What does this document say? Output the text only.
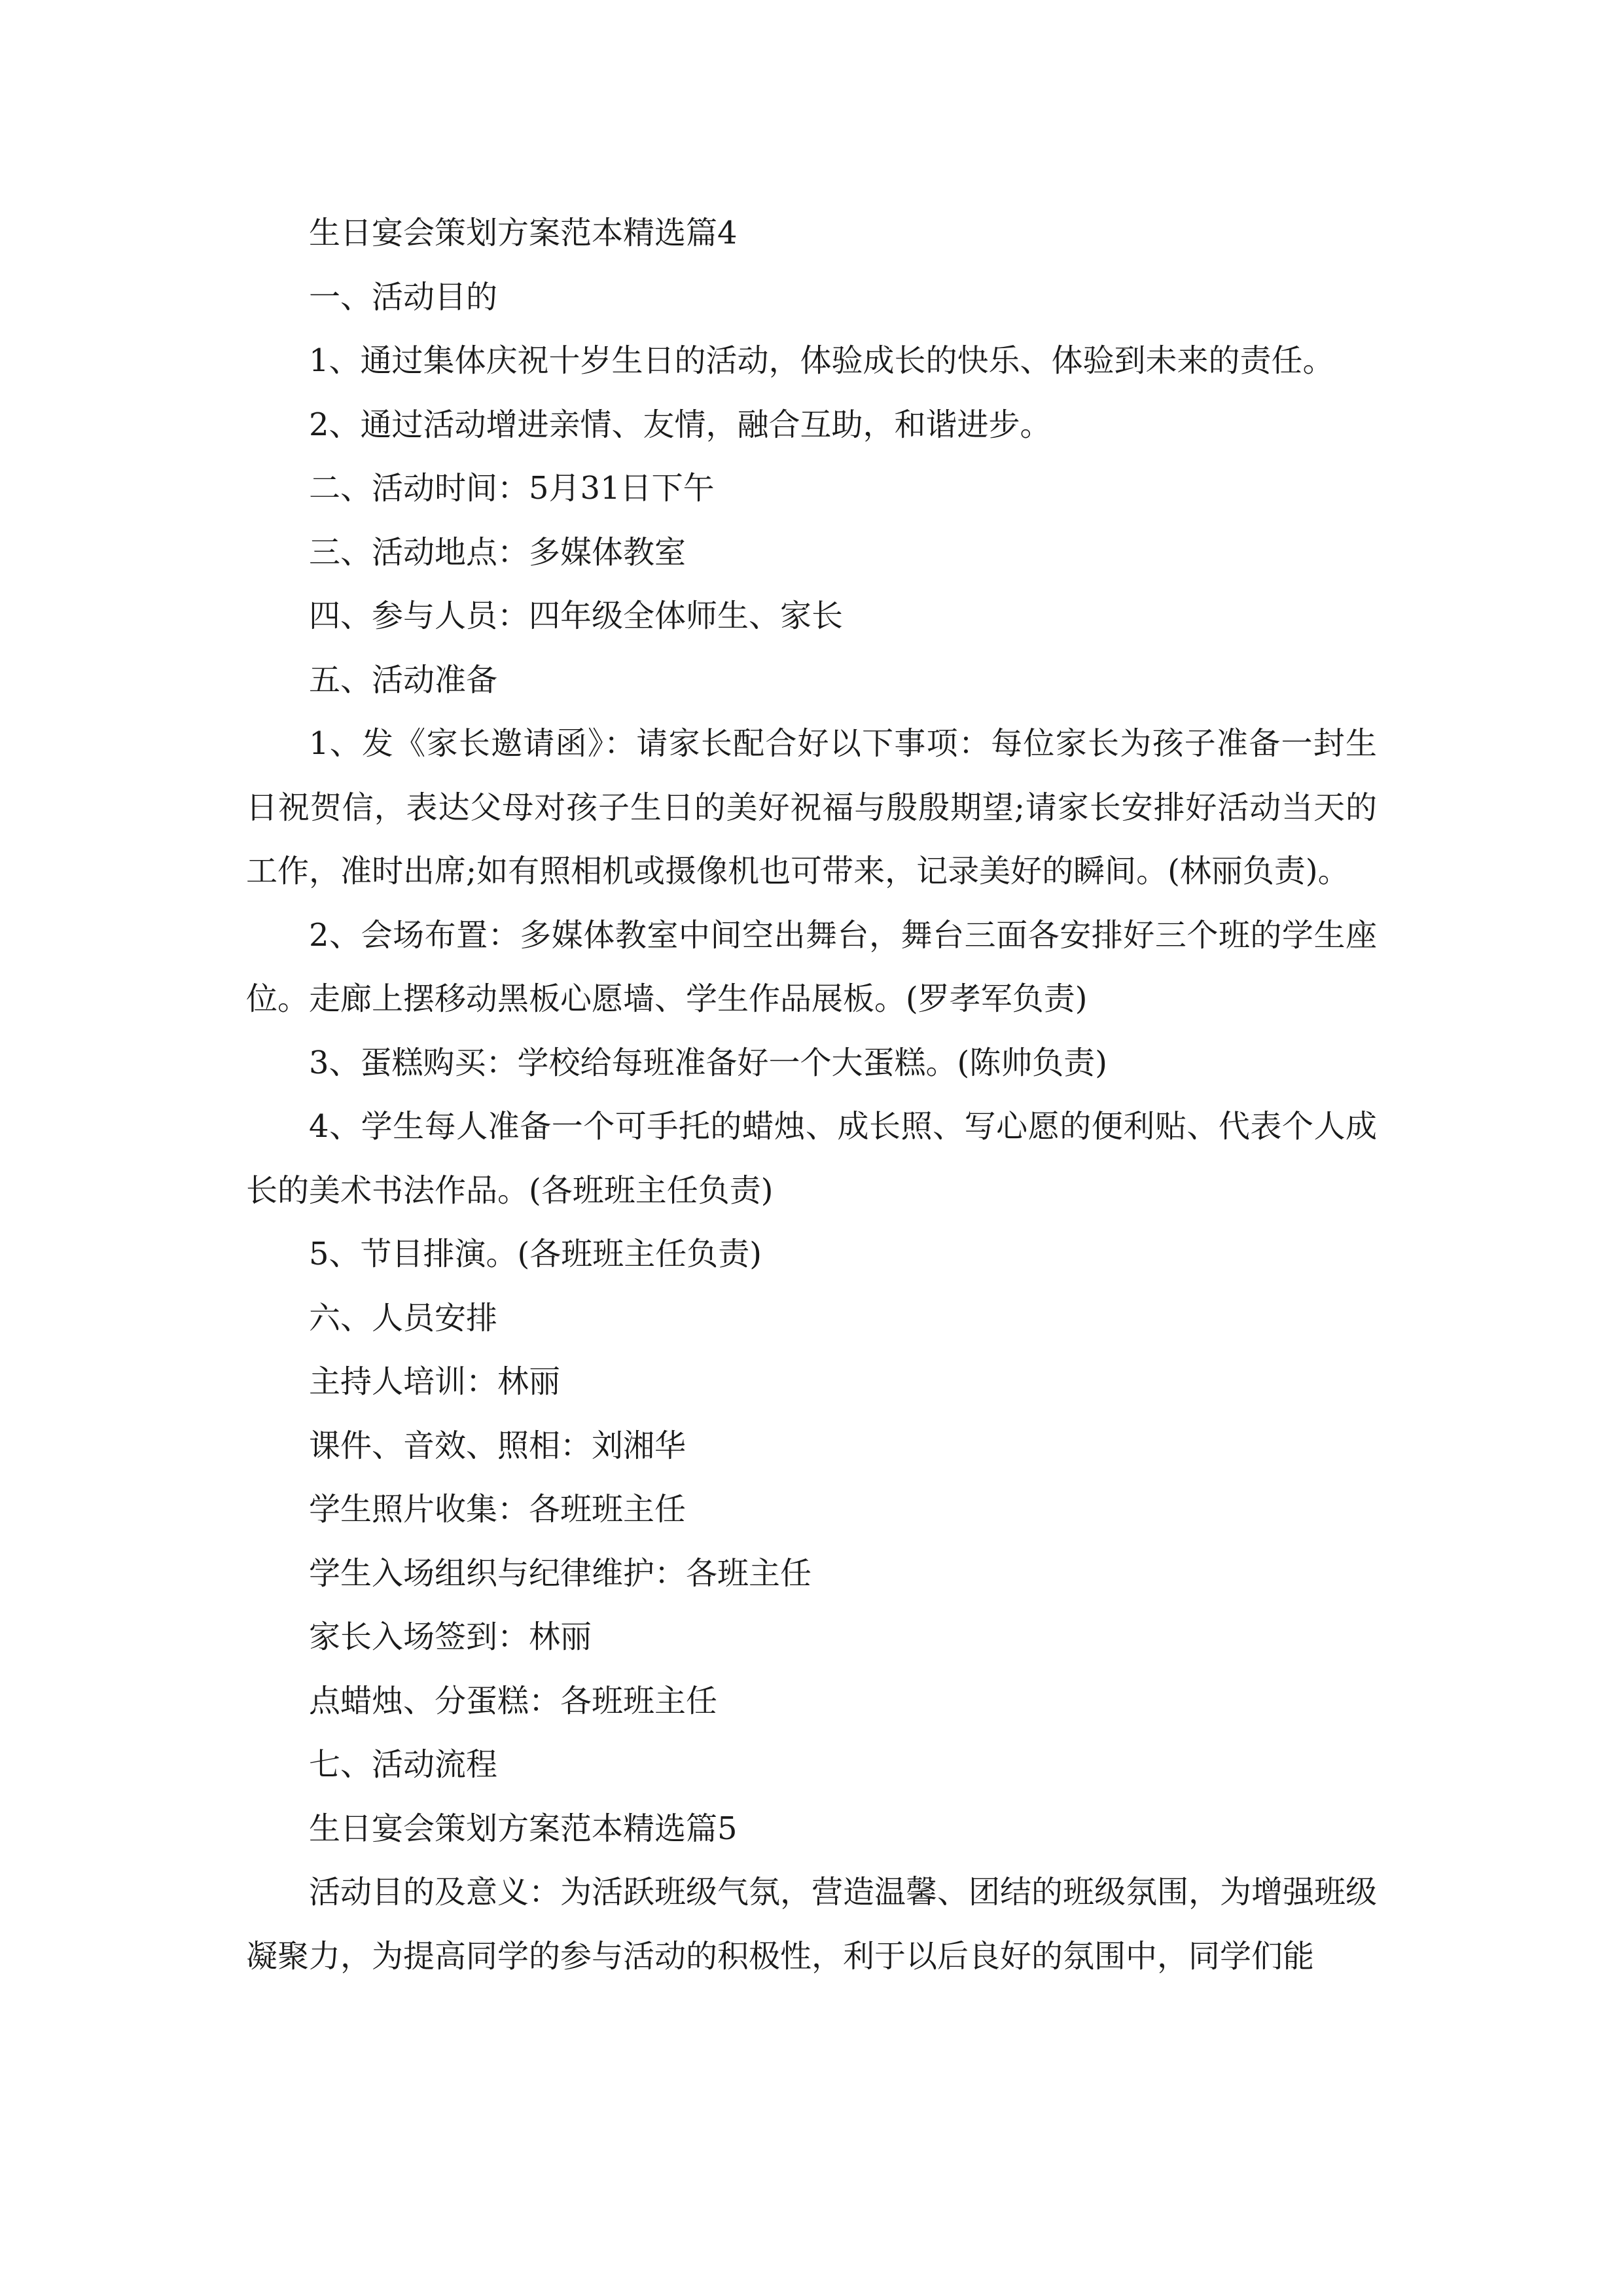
生日宴会策划方案范本精选篇4

一、活动目的

1、通过集体庆祝十岁生日的活动，体验成长的快乐、体验到未来的责任。

2、通过活动增进亲情、友情，融合互助，和谐进步。

二、活动时间：5月31日下午

三、活动地点：多媒体教室

四、参与人员：四年级全体师生、家长

五、活动准备

1、发《家长邀请函》：请家长配合好以下事项：每位家长为孩子准备一封生日祝贺信，表达父母对孩子生日的美好祝福与殷殷期望;请家长安排好活动当天的工作，准时出席;如有照相机或摄像机也可带来，记录美好的瞬间。(林丽负责)。

2、会场布置：多媒体教室中间空出舞台，舞台三面各安排好三个班的学生座位。走廊上摆移动黑板心愿墙、学生作品展板。(罗孝军负责)

3、蛋糕购买：学校给每班准备好一个大蛋糕。(陈帅负责)

4、学生每人准备一个可手托的蜡烛、成长照、写心愿的便利贴、代表个人成长的美术书法作品。(各班班主任负责)

5、节目排演。(各班班主任负责)

六、人员安排

主持人培训：林丽

课件、音效、照相：刘湘华

学生照片收集：各班班主任

学生入场组织与纪律维护：各班主任

家长入场签到：林丽

点蜡烛、分蛋糕：各班班主任

七、活动流程

生日宴会策划方案范本精选篇5

活动目的及意义：为活跃班级气氛，营造温馨、团结的班级氛围，为增强班级凝聚力，为提高同学的参与活动的积极性，利于以后良好的氛围中，同学们能
